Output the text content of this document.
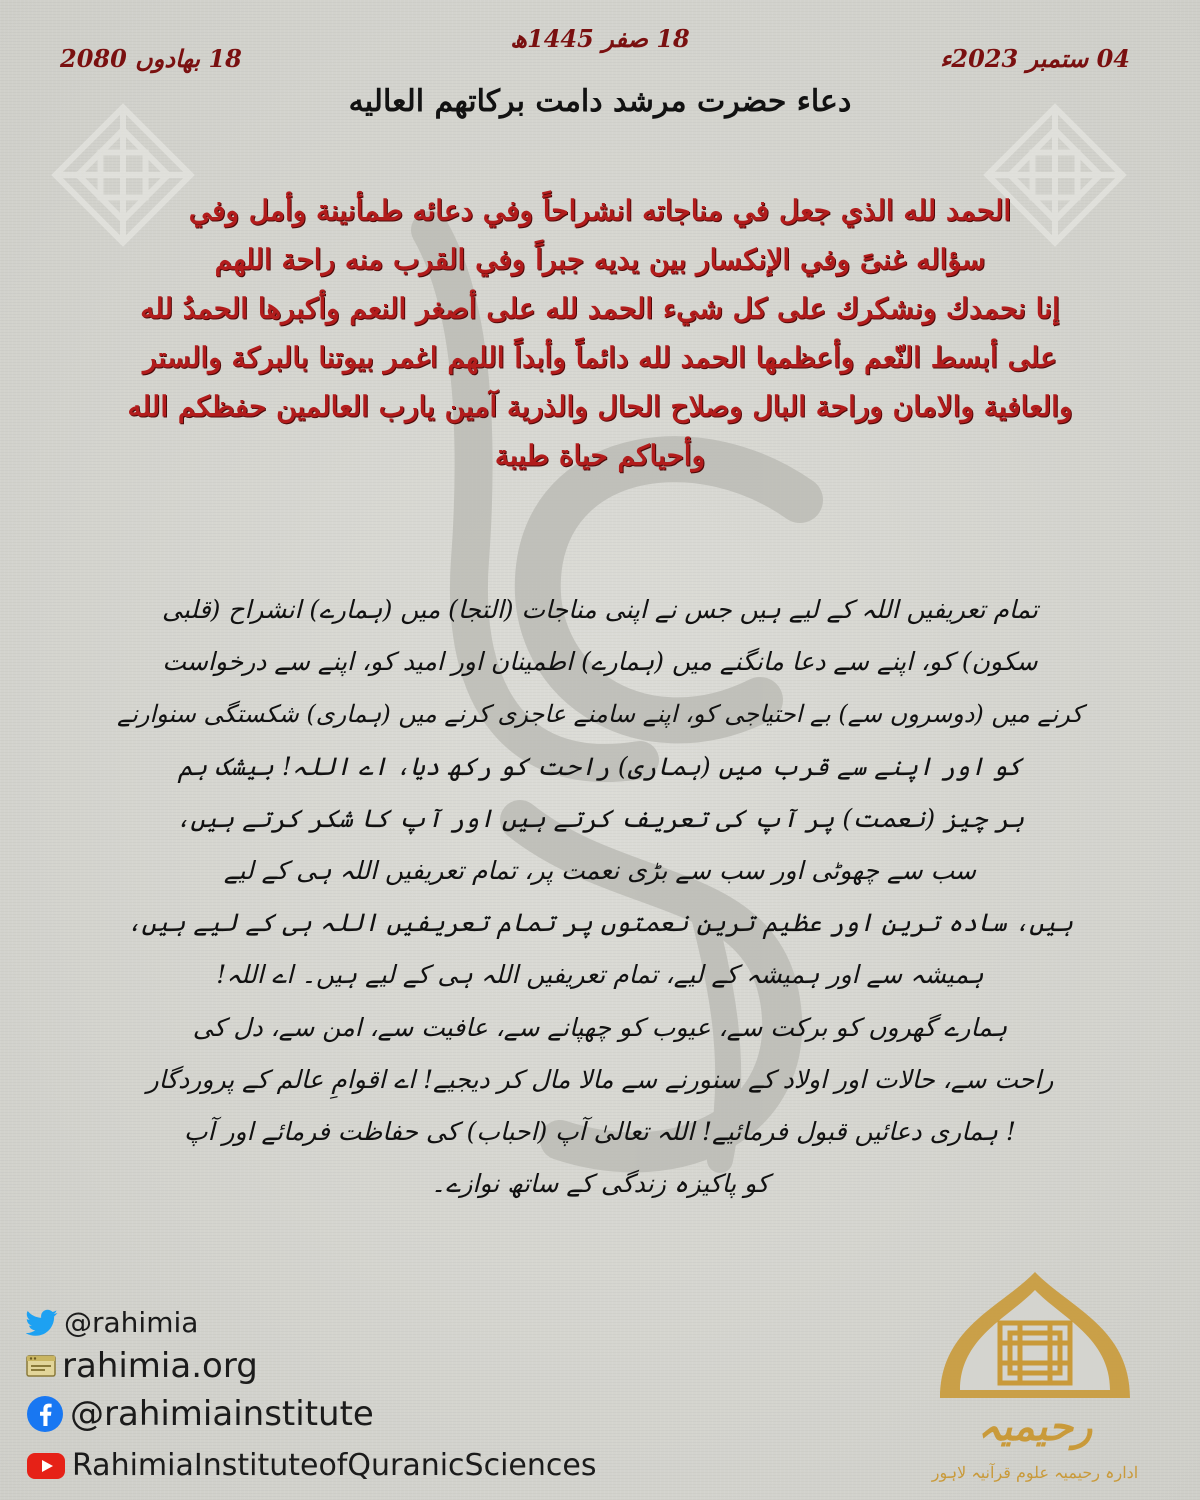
18 صفر 1445ھ
18 بھادوں 2080	04 ستمبر 2023ء
دعاء حضرت مرشد دامت برکاتهم العالیه
الحمد لله الذي جعل في مناجاته انشراحاً وفي دعائه طمأنينة وأمل وفي
سؤاله غنىً وفي الإنكسار بين يديه جبراً وفي القرب منه راحة اللهم
إنا نحمدك ونشكرك على كل شيء الحمد لله على أصغر النعم وأكبرها الحمدُ لله
على أبسط النّعم وأعظمها الحمد لله دائماً وأبداً اللهم اغمر بيوتنا بالبركة والستر
والعافية والامان وراحة البال وصلاح الحال والذرية آمين يارب العالمين حفظكم الله
وأحياكم حياة طيبة
تمام تعریفیں اللہ کے لیے ہیں جس نے اپنی مناجات (التجا) میں (ہمارے) انشراح (قلبی
سکون) کو، اپنے سے دعا مانگنے میں (ہمارے) اطمینان اور امید کو، اپنے سے درخواست
کرنے میں (دوسروں سے) بے احتیاجی کو، اپنے سامنے عاجزی کرنے میں (ہماری) شکستگی سنوارنے
کو اور اپنے سے قرب میں (ہماری) راحت کو رکھ دیا، اے اللہ! بیشک ہم
ہر چیز (نعمت) پر آپ کی تعریف کرتے ہیں اور آپ کا شکر کرتے ہیں،
سب سے چھوٹی اور سب سے بڑی نعمت پر، تمام تعریفیں اللہ ہی کے لیے
ہیں، سادہ ترین اور عظیم ترین نعمتوں پر تمام تعریفیں اللہ ہی کے لیے ہیں،
ہمیشہ سے اور ہمیشہ کے لیے، تمام تعریفیں اللہ ہی کے لیے ہیں۔ اے اللہ!
ہمارے گھروں کو برکت سے، عیوب کو چھپانے سے، عافیت سے، امن سے، دل کی
راحت سے، حالات اور اولاد کے سنورنے سے مالا مال کر دیجیے! اے اقوامِ عالم کے پروردگار
! ہماری دعائیں قبول فرمائیے! اللہ تعالیٰ آپ (احباب) کی حفاظت فرمائے اور آپ
کو پاکیزہ زندگی کے ساتھ نوازے۔
@rahimia
rahimia.org
@rahimiainstitute
RahimiaInstituteofQuranicSciences
رحیمیہ
ادارہ رحیمیہ علوم قرآنیہ لاہور
